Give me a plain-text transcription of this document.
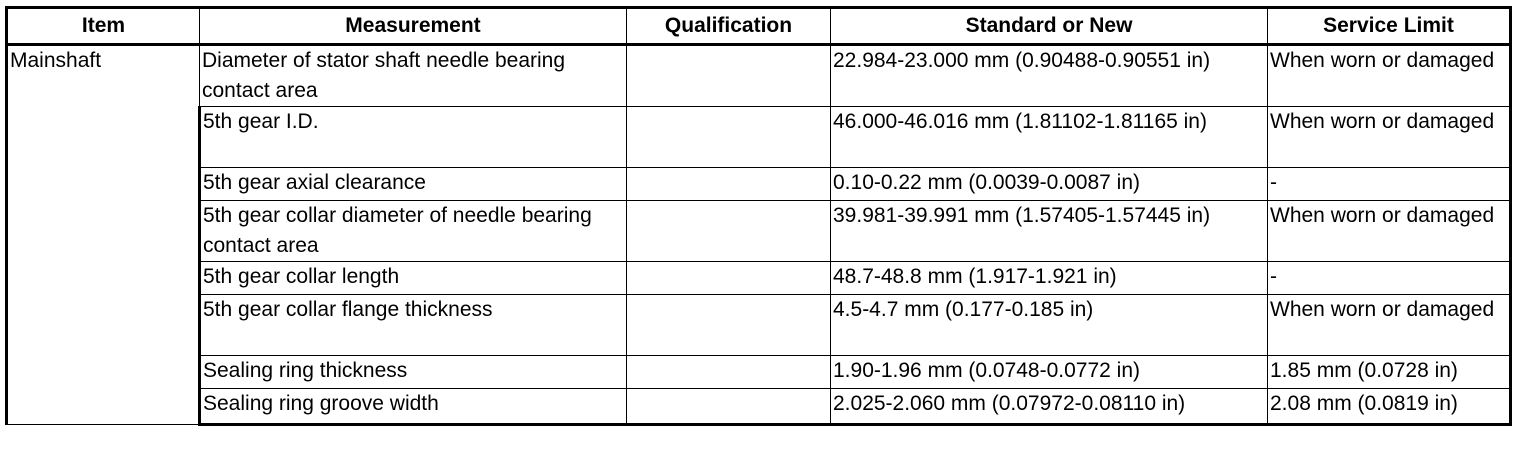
Item	Measurement	Qualification	Standard or New	Service Limit
Mainshaft	Diameter of stator shaft needle bearing contact area		22.984-23.000 mm (0.90488-0.90551 in)	When worn or damaged
	5th gear I.D.		46.000-46.016 mm (1.81102-1.81165 in)	When worn or damaged
	5th gear axial clearance		0.10-0.22 mm (0.0039-0.0087 in)	-
	5th gear collar diameter of needle bearing contact area		39.981-39.991 mm (1.57405-1.57445 in)	When worn or damaged
	5th gear collar length		48.7-48.8 mm (1.917-1.921 in)	-
	5th gear collar flange thickness		4.5-4.7 mm (0.177-0.185 in)	When worn or damaged
	Sealing ring thickness		1.90-1.96 mm (0.0748-0.0772 in)	1.85 mm (0.0728 in)
	Sealing ring groove width		2.025-2.060 mm (0.07972-0.08110 in)	2.08 mm (0.0819 in)
